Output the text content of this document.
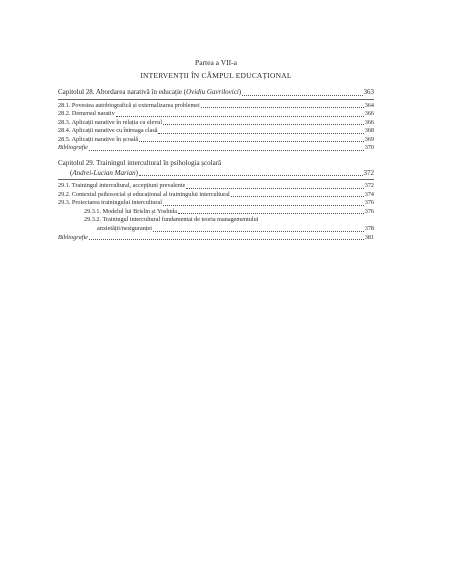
Partea a VII-a
INTERVENȚII ÎN CÂMPUL EDUCAȚIONAL
Capitolul 28. Abordarea narativă în educație (Ovidiu Gavrilovici)	363
28.1. Povestea autobiografică și externalizarea problemei	364
28.2. Demersul narativ	366
28.3. Aplicații narative în relația cu elevul	366
28.4. Aplicații narative cu întreaga clasă	368
28.5. Aplicații narative în școală	369
Bibliografie	370
Capitolul 29. Trainingul intercultural în psihologia școlară
(Andrei-Lucian Marian)	372
29.1. Trainingul intercultural, accepțiuni prevalente	372
29.2. Contextul psihosocial și educațional al trainingului intercultural	374
29.3. Proiectarea trainingului intercultural	376
29.3.1. Modelul lui Brislin și Yoshida	376
29.3.2. Trainingul intercultural fundamentat de teoria managementului
anxietății/nesiguranței	378
Bibliografie	381
